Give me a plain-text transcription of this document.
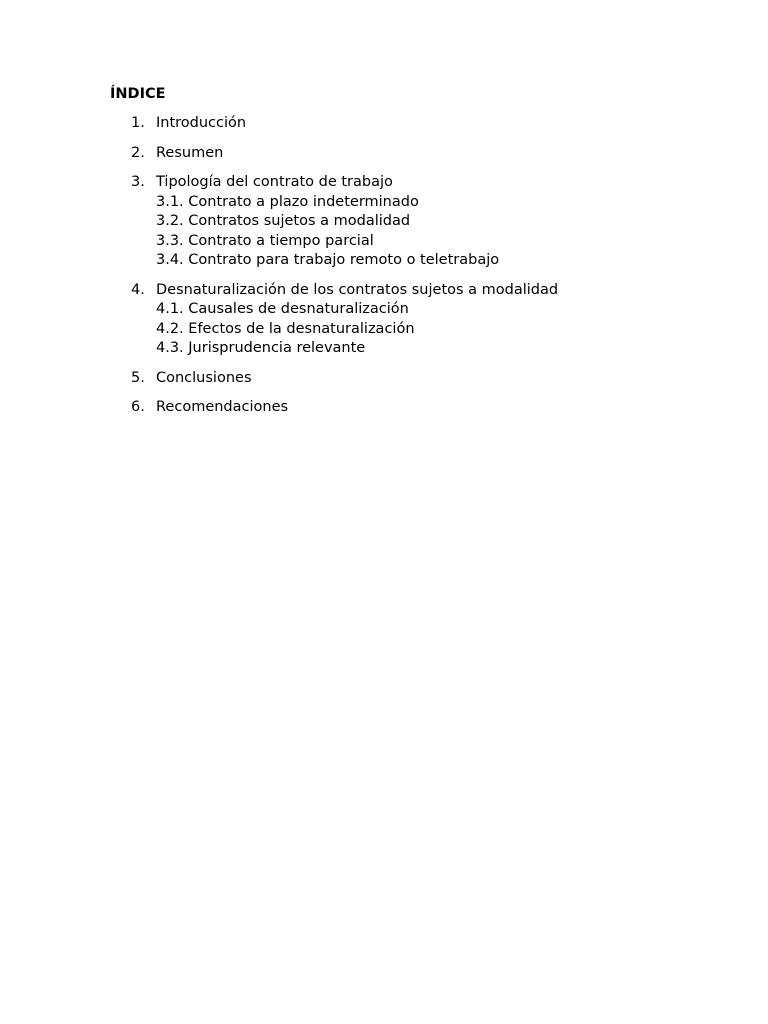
ÍNDICE
1. Introducción
2. Resumen
3. Tipología del contrato de trabajo
3.1. Contrato a plazo indeterminado
3.2. Contratos sujetos a modalidad
3.3. Contrato a tiempo parcial
3.4. Contrato para trabajo remoto o teletrabajo
4. Desnaturalización de los contratos sujetos a modalidad
4.1. Causales de desnaturalización
4.2. Efectos de la desnaturalización
4.3. Jurisprudencia relevante
5. Conclusiones
6. Recomendaciones
